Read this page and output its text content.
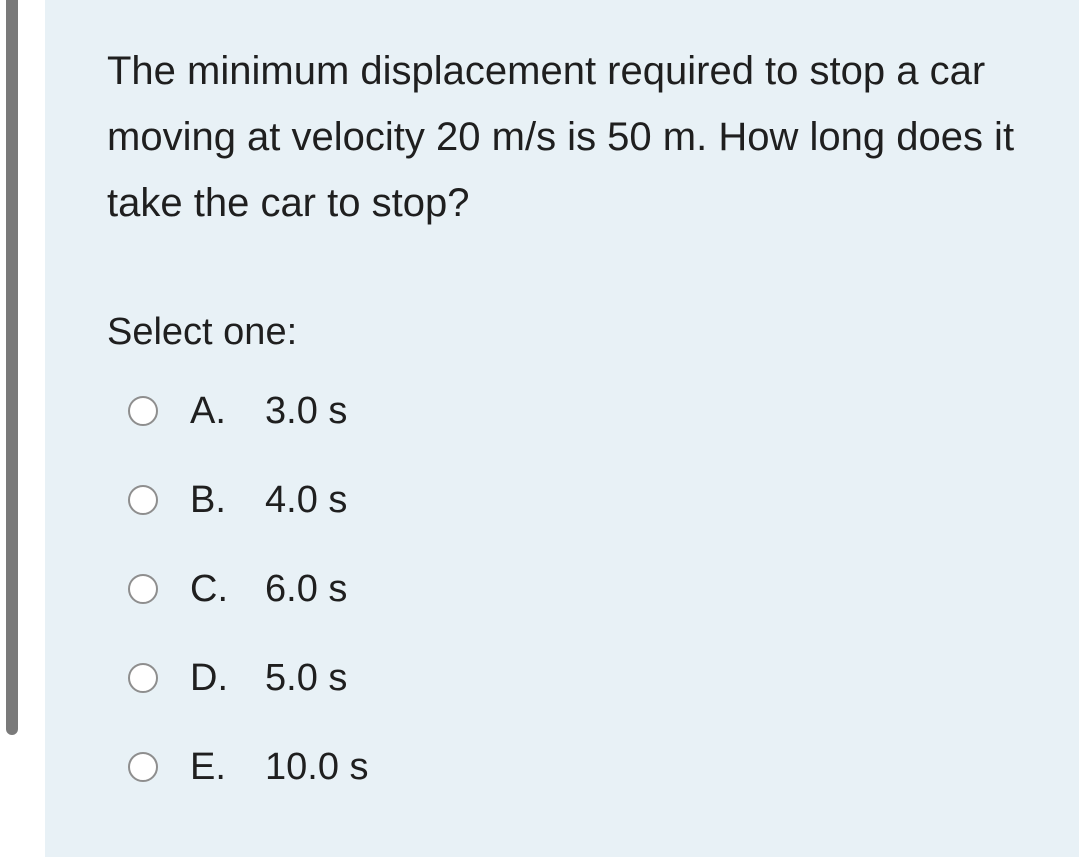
The minimum displacement required to stop a car moving at velocity 20 m/s is 50 m. How long does it take the car to stop?

Select one:
A.	3.0 s
B.	4.0 s
C. 6.0 s
D. 5.0 s
E.	10.0 s
